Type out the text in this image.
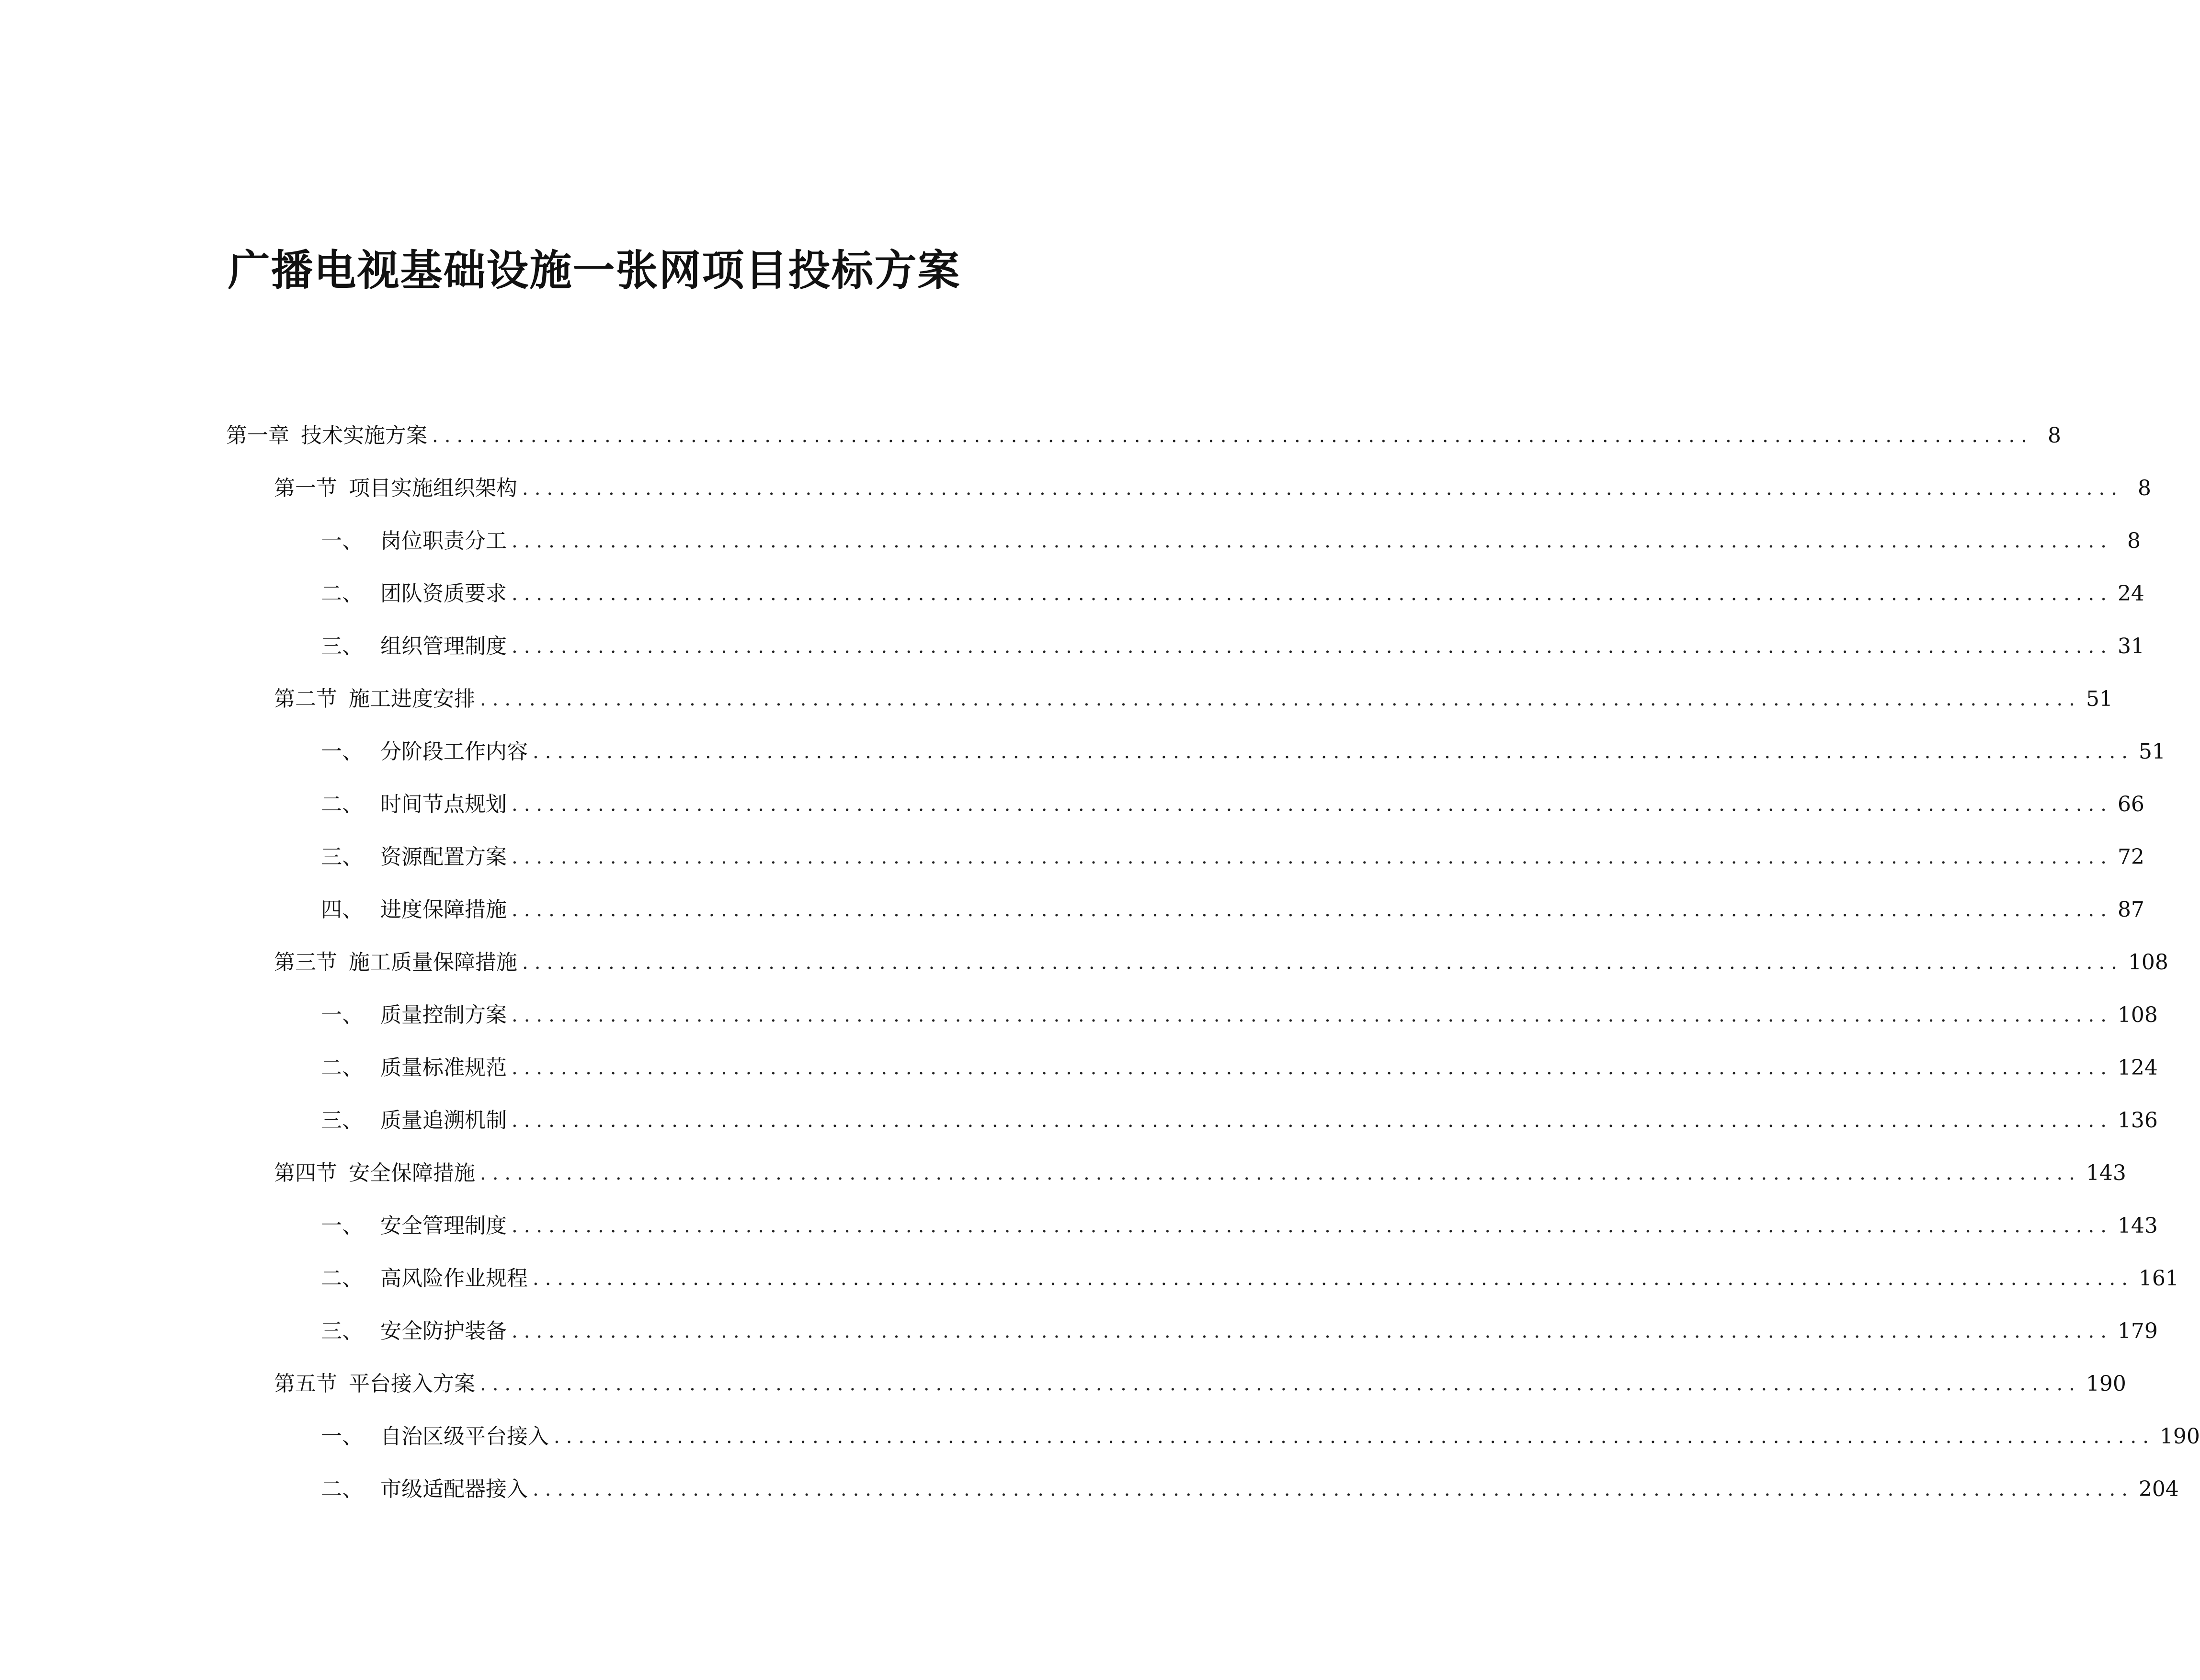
广播电视基础设施一张网项目投标方案
第一章 技术实施方案 .................................................................................................................................. 8
第一节 项目实施组织架构 .................................................................................................................................. 8
一、 岗位职责分工 .................................................................................................................................. 8
二、 团队资质要求 .................................................................................................................................. 24
三、 组织管理制度 .................................................................................................................................. 31
第二节 施工进度安排 .................................................................................................................................. 51
一、 分阶段工作内容 .................................................................................................................................. 51
二、 时间节点规划 .................................................................................................................................. 66
三、 资源配置方案 .................................................................................................................................. 72
四、 进度保障措施 .................................................................................................................................. 87
第三节 施工质量保障措施 .................................................................................................................................. 108
一、 质量控制方案 .................................................................................................................................. 108
二、 质量标准规范 .................................................................................................................................. 124
三、 质量追溯机制 .................................................................................................................................. 136
第四节 安全保障措施 .................................................................................................................................. 143
一、 安全管理制度 .................................................................................................................................. 143
二、 高风险作业规程 .................................................................................................................................. 161
三、 安全防护装备 .................................................................................................................................. 179
第五节 平台接入方案 .................................................................................................................................. 190
一、 自治区级平台接入 .................................................................................................................................. 190
二、 市级适配器接入 .................................................................................................................................. 204
